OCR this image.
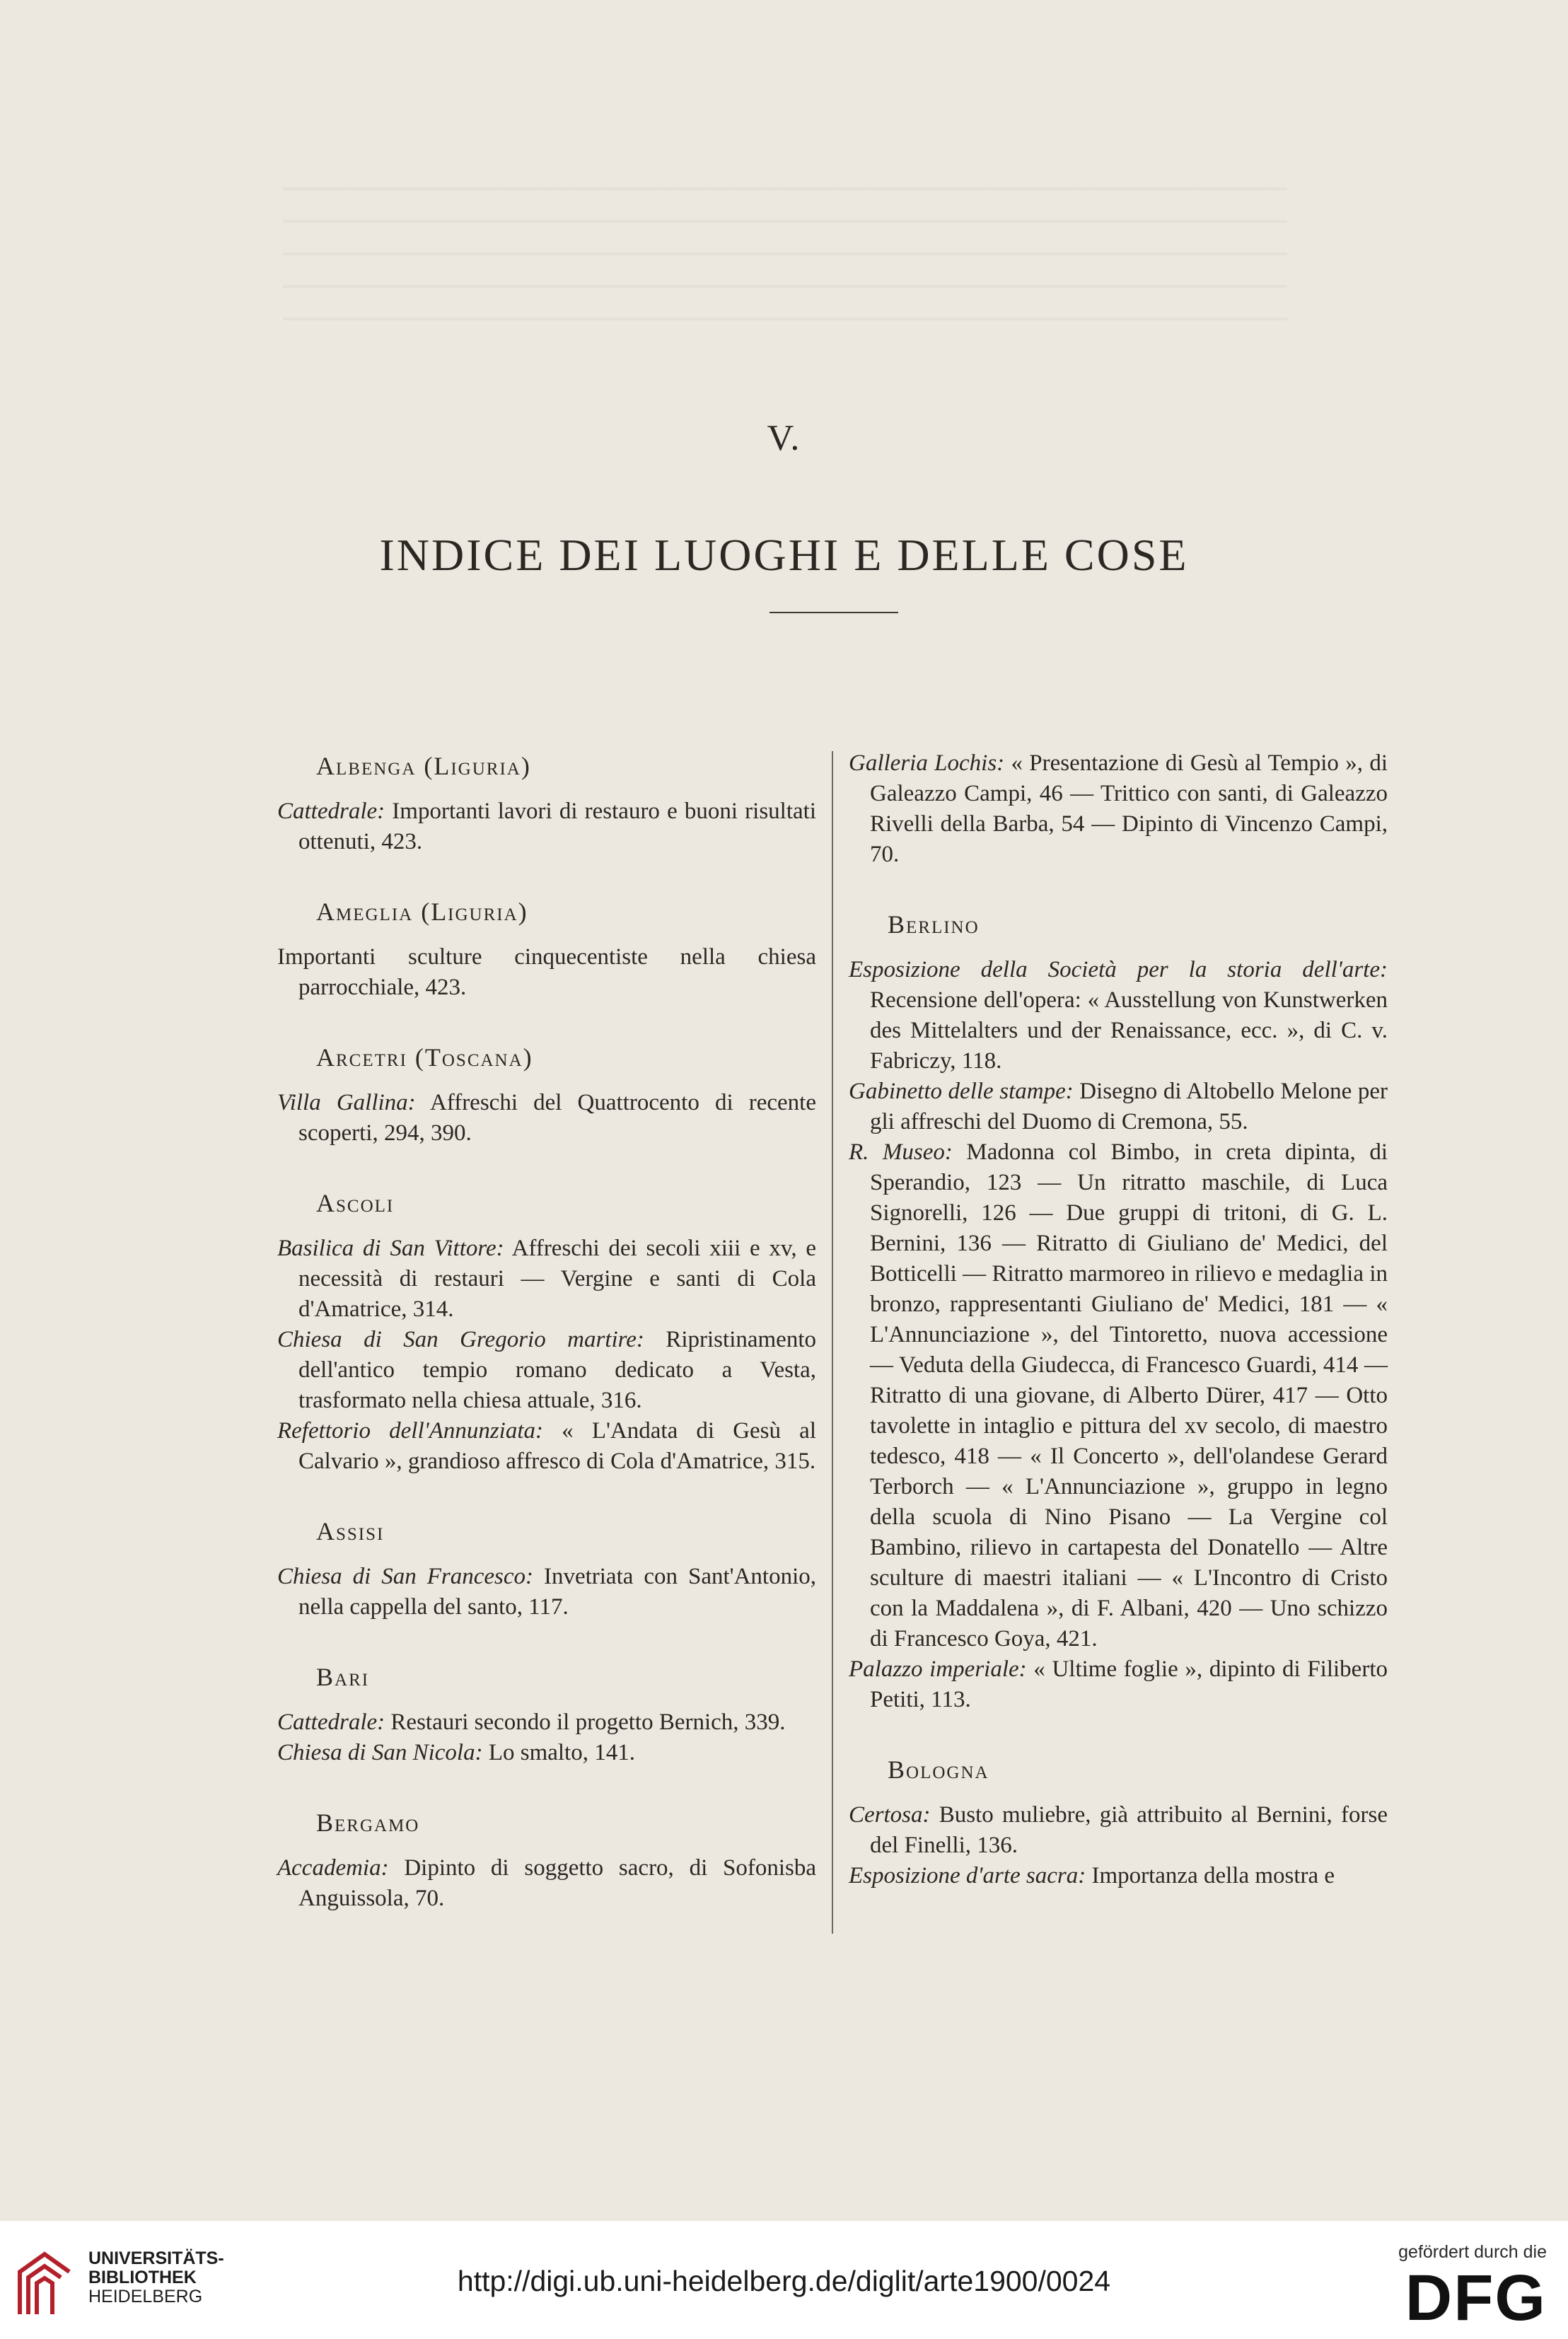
V.
INDICE DEI LUOGHI E DELLE COSE
Albenga (Liguria)

Cattedrale: Importanti lavori di restauro e buoni risultati ottenuti, 423.

Ameglia (Liguria)

Importanti sculture cinquecentiste nella chiesa parrocchiale, 423.

Arcetri (Toscana)

Villa Gallina: Affreschi del Quattrocento di recente scoperti, 294, 390.

Ascoli

Basilica di San Vittore: Affreschi dei secoli xiii e xv, e necessità di restauri — Vergine e santi di Cola d'Amatrice, 314.

Chiesa di San Gregorio martire: Ripristinamento dell'antico tempio romano dedicato a Vesta, trasformato nella chiesa attuale, 316.

Refettorio dell'Annunziata: « L'Andata di Gesù al Calvario », grandioso affresco di Cola d'Amatrice, 315.

Assisi

Chiesa di San Francesco: Invetriata con Sant'Antonio, nella cappella del santo, 117.

Bari

Cattedrale: Restauri secondo il progetto Bernich, 339.

Chiesa di San Nicola: Lo smalto, 141.

Bergamo

Accademia: Dipinto di soggetto sacro, di Sofonisba Anguissola, 70.

Galleria Lochis: « Presentazione di Gesù al Tempio », di Galeazzo Campi, 46 — Trittico con santi, di Galeazzo Rivelli della Barba, 54 — Dipinto di Vincenzo Campi, 70.

Berlino

Esposizione della Società per la storia dell'arte: Recensione dell'opera: « Ausstellung von Kunstwerken des Mittelalters und der Renaissance, ecc. », di C. v. Fabriczy, 118.

Gabinetto delle stampe: Disegno di Altobello Melone per gli affreschi del Duomo di Cremona, 55.

R. Museo: Madonna col Bimbo, in creta dipinta, di Sperandio, 123 — Un ritratto maschile, di Luca Signorelli, 126 — Due gruppi di tritoni, di G. L. Bernini, 136 — Ritratto di Giuliano de' Medici, del Botticelli — Ritratto marmoreo in rilievo e medaglia in bronzo, rappresentanti Giuliano de' Medici, 181 — « L'Annunciazione », del Tintoretto, nuova accessione — Veduta della Giudecca, di Francesco Guardi, 414 — Ritratto di una giovane, di Alberto Dürer, 417 — Otto tavolette in intaglio e pittura del xv secolo, di maestro tedesco, 418 — « Il Concerto », dell'olandese Gerard Terborch — « L'Annunciazione », gruppo in legno della scuola di Nino Pisano — La Vergine col Bambino, rilievo in cartapesta del Donatello — Altre sculture di maestri italiani — « L'Incontro di Cristo con la Maddalena », di F. Albani, 420 — Uno schizzo di Francesco Goya, 421.

Palazzo imperiale: « Ultime foglie », dipinto di Filiberto Petiti, 113.

Bologna

Certosa: Busto muliebre, già attribuito al Bernini, forse del Finelli, 136.

Esposizione d'arte sacra: Importanza della mostra e

UNIVERSITÄTS-
BIBLIOTHEK
HEIDELBERG	http://digi.ub.uni-heidelberg.de/diglit/arte1900/0024
gefördert durch die
DFG
